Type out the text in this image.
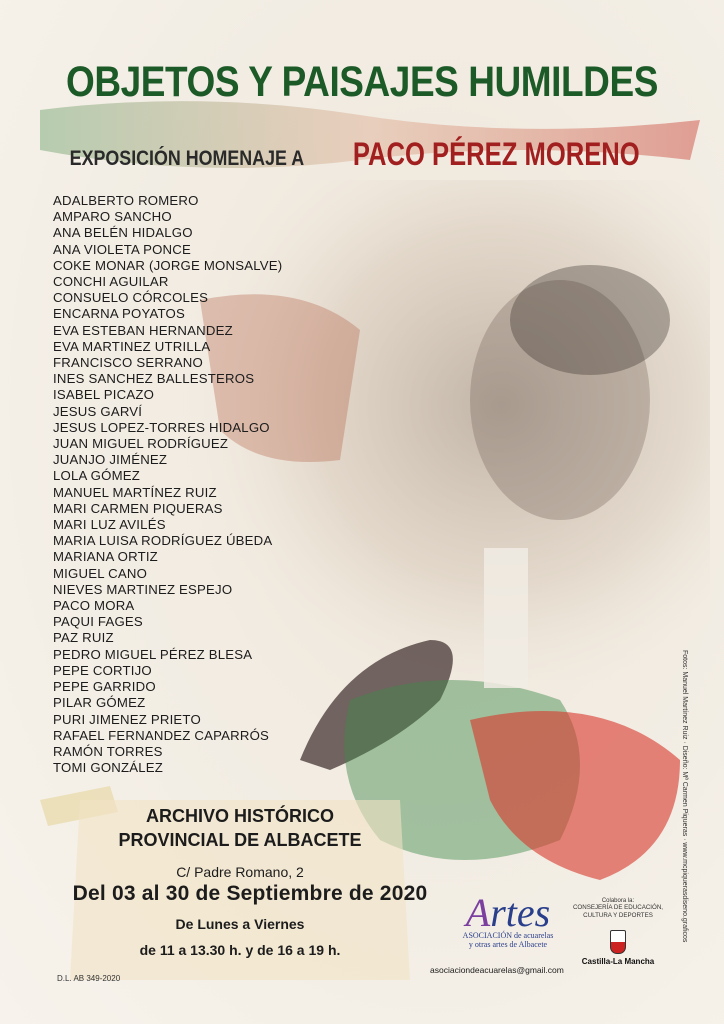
OBJETOS Y PAISAJES HUMILDES
EXPOSICIÓN HOMENAJE A PACO PÉREZ MORENO
ADALBERTO ROMERO
AMPARO SANCHO
ANA BELÉN HIDALGO
ANA VIOLETA PONCE
COKE MONAR (JORGE MONSALVE)
CONCHI AGUILAR
CONSUELO CÓRCOLES
ENCARNA POYATOS
EVA ESTEBAN HERNANDEZ
EVA MARTINEZ UTRILLA
FRANCISCO SERRANO
INES SANCHEZ BALLESTEROS
ISABEL PICAZO
JESUS GARVÍ
JESUS LOPEZ-TORRES HIDALGO
JUAN MIGUEL RODRÍGUEZ
JUANJO JIMÉNEZ
LOLA GÓMEZ
MANUEL MARTÍNEZ RUIZ
MARI CARMEN PIQUERAS
MARI LUZ AVILÉS
MARIA LUISA RODRÍGUEZ ÚBEDA
MARIANA ORTIZ
MIGUEL CANO
NIEVES MARTINEZ ESPEJO
PACO MORA
PAQUI FAGES
PAZ RUIZ
PEDRO MIGUEL PÉREZ BLESA
PEPE CORTIJO
PEPE GARRIDO
PILAR GÓMEZ
PURI JIMENEZ PRIETO
RAFAEL FERNANDEZ CAPARRÓS
RAMÓN TORRES
TOMI GONZÁLEZ
ARCHIVO HISTÓRICO
PROVINCIAL DE ALBACETE
C/ Padre Romano, 2
Del 03 al 30 de Septiembre de 2020
De Lunes a Viernes
de 11 a 13.30 h. y de 16 a 19 h.
D.L. AB 349-2020
Artes
ASOCIACIÓN de acuarelas
y otras artes de Albacete
asociaciondeacuarelas@gmail.com
Colabora la:
CONSEJERÍA DE EDUCACIÓN,
CULTURA Y DEPORTES
Castilla-La Mancha
Fotos: Manuel Martínez Ruiz · Diseño: Mª Carmen Piqueras · www.mcpiquerasdiseno.graficos
